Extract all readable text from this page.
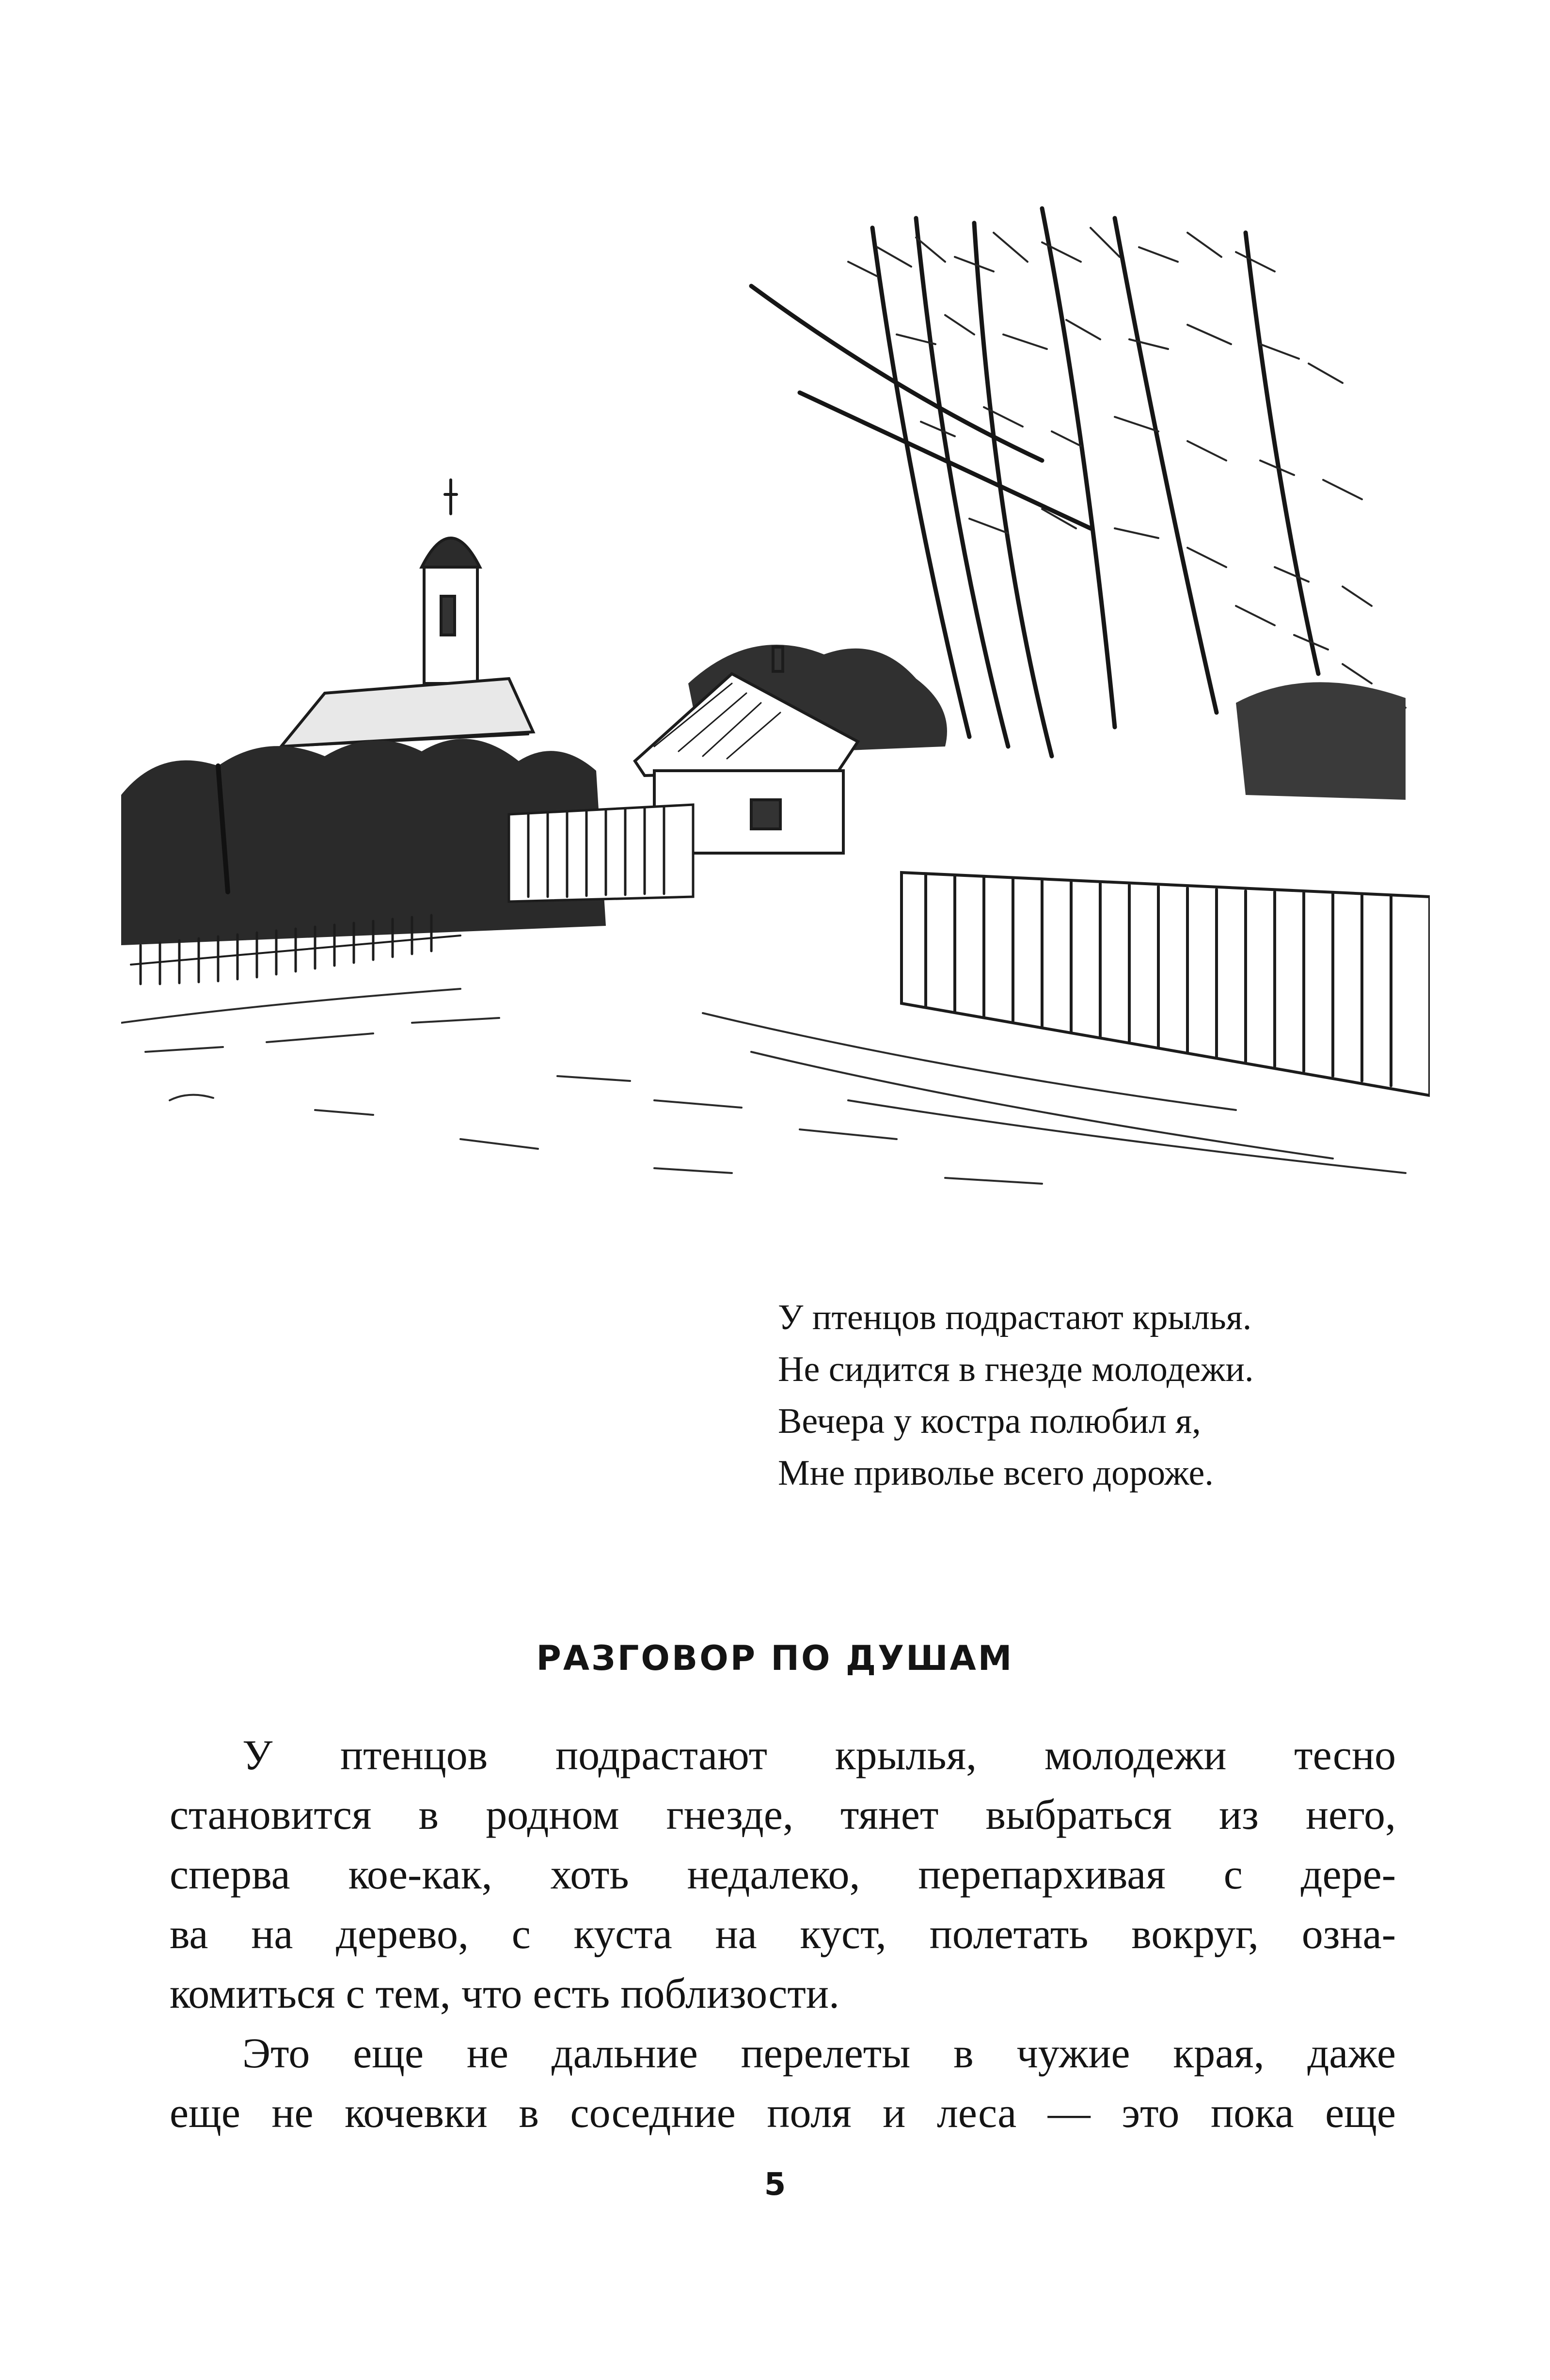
У птенцов подрастают крылья.
Не сидится в гнезде молодежи.
Вечера у костра полюбил я,
Мне приволье всего дороже.
РАЗГОВОР ПО ДУШАМ
У птенцов подрастают крылья, молодежи тесно
становится в родном гнезде, тянет выбраться из него,
сперва кое-как, хоть недалеко, перепархивая с дере-
ва на дерево, с куста на куст, полетать вокруг, озна-
комиться с тем, что есть поблизости.
Это еще не дальние перелеты в чужие края, даже
еще не кочевки в соседние поля и леса — это пока еще
5
